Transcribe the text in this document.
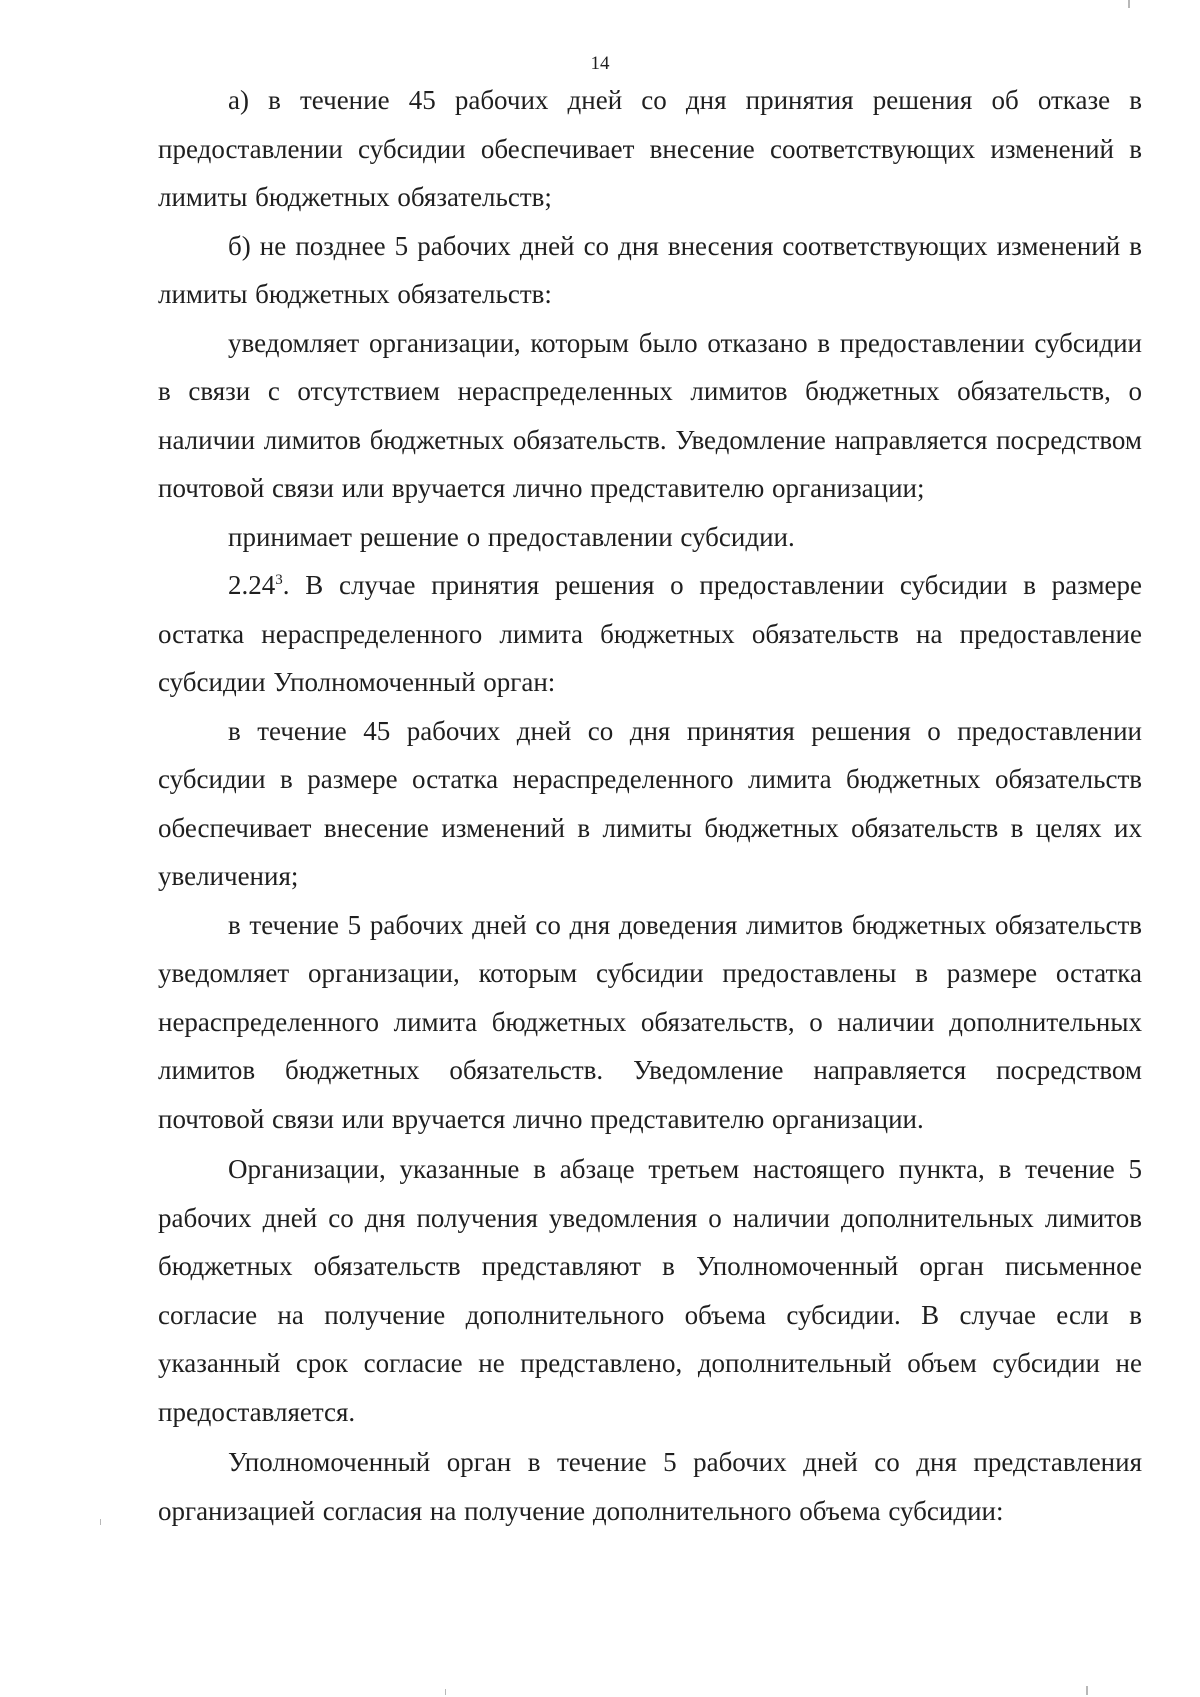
14

а) в течение 45 рабочих дней со дня принятия решения об отказе в предоставлении субсидии обеспечивает внесение соответствующих изменений в лимиты бюджетных обязательств;

б) не позднее 5 рабочих дней со дня внесения соответствующих изменений в лимиты бюджетных обязательств:

уведомляет организации, которым было отказано в предоставлении субсидии в связи с отсутствием нераспределенных лимитов бюджетных обязательств, о наличии лимитов бюджетных обязательств. Уведомление направляется посредством почтовой связи или вручается лично представителю организации;

принимает решение о предоставлении субсидии.

2.24$^3$. В случае принятия решения о предоставлении субсидии в размере остатка нераспределенного лимита бюджетных обязательств на предоставление субсидии Уполномоченный орган:

в течение 45 рабочих дней со дня принятия решения о предоставлении субсидии в размере остатка нераспределенного лимита бюджетных обязательств обеспечивает внесение изменений в лимиты бюджетных обязательств в целях их увеличения;

в течение 5 рабочих дней со дня доведения лимитов бюджетных обязательств уведомляет организации, которым субсидии предоставлены в размере остатка нераспределенного лимита бюджетных обязательств, о наличии дополнительных лимитов бюджетных обязательств. Уведомление направляется посредством почтовой связи или вручается лично представителю организации.

Организации, указанные в абзаце третьем настоящего пункта, в течение 5 рабочих дней со дня получения уведомления о наличии дополнительных лимитов бюджетных обязательств представляют в Уполномоченный орган письменное согласие на получение дополнительного объема субсидии. В случае если в указанный срок согласие не представлено, дополнительный объем субсидии не предоставляется.

Уполномоченный орган в течение 5 рабочих дней со дня представления организацией согласия на получение дополнительного объема субсидии:
